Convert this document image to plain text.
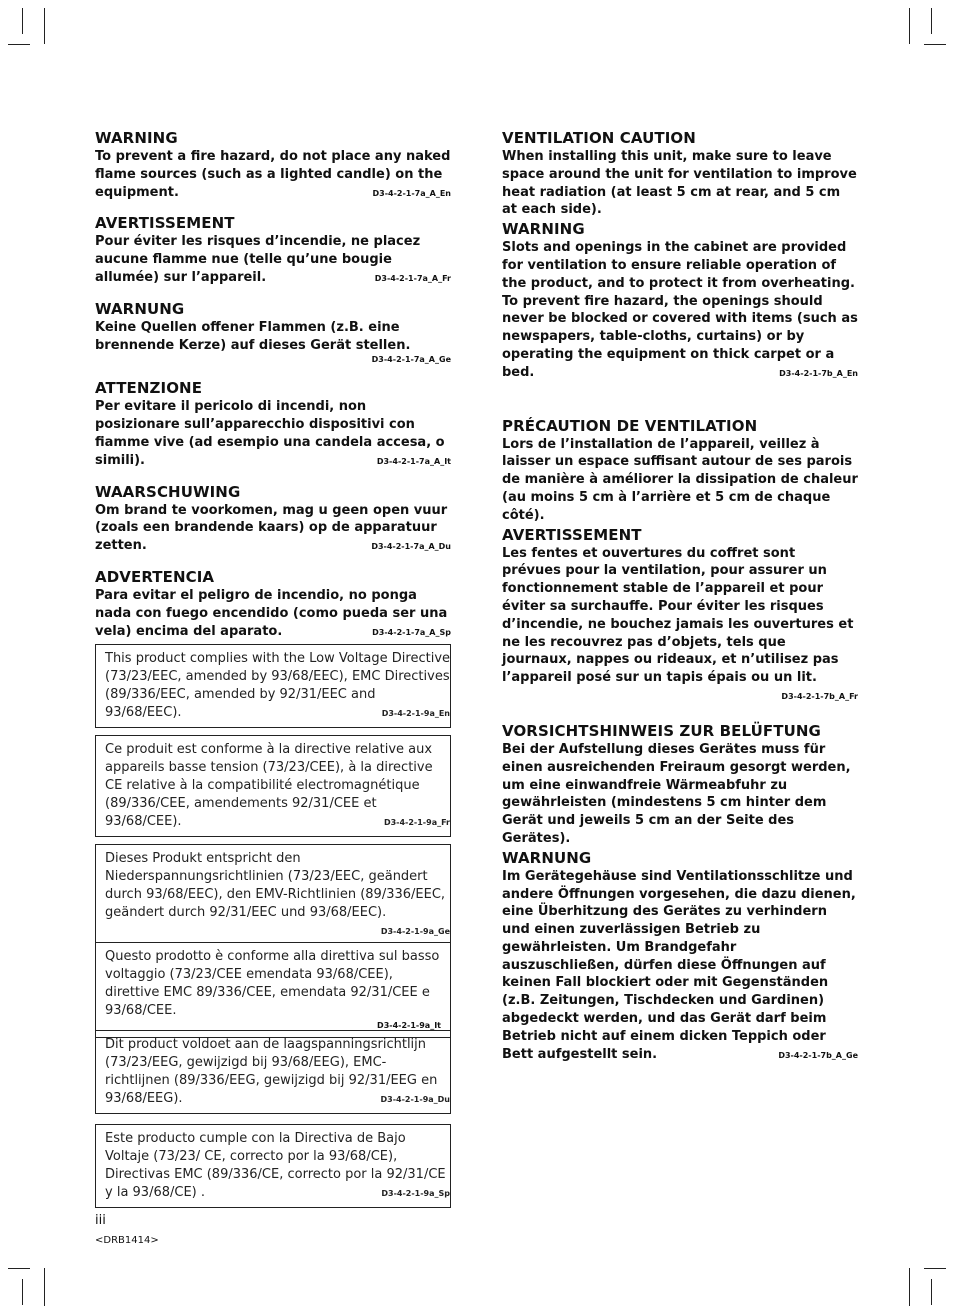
WARNING

To prevent a fire hazard, do not place any naked flame sources (such as a lighted candle) on the equipment.	D3-4-2-1-7a_A_En

AVERTISSEMENT

Pour éviter les risques d’incendie, ne placez aucune flamme nue (telle qu’une bougie allumée) sur l’appareil.	D3-4-2-1-7a_A_Fr

WARNUNG

Keine Quellen offener Flammen (z.B. eine brennende Kerze) auf dieses Gerät stellen.

D3-4-2-1-7a_A_Ge
ATTENZIONE

Per evitare il pericolo di incendi, non posizionare sull’apparecchio dispositivi con fiamme vive (ad esempio una candela accesa, o simili).	D3-4-2-1-7a_A_It

WAARSCHUWING

Om brand te voorkomen, mag u geen open vuur (zoals een brandende kaars) op de apparatuur zetten.	D3-4-2-1-7a_A_Du

ADVERTENCIA

Para evitar el peligro de incendio, no ponga nada con fuego encendido (como pueda ser una vela) encima del aparato.	D3-4-2-1-7a_A_Sp

This product complies with the Low Voltage Directive (73/23/EEC, amended by 93/68/EEC), EMC Directives (89/336/EEC, amended by 92/31/EEC and 93/68/EEC).	D3-4-2-1-9a_En

Ce produit est conforme à la directive relative aux appareils basse tension (73/23/CEE), à la directive CE relative à la compatibilité electromagnétique (89/336/CEE, amendements 92/31/CEE et 93/68/CEE).	D3-4-2-1-9a_Fr

Dieses Produkt entspricht den Niederspannungsrichtlinien (73/23/EEC, geändert durch 93/68/EEC), den EMV-Richtlinien (89/336/EEC, geändert durch 92/31/EEC und 93/68/EEC).
D3-4-2-1-9a_Ge

Questo prodotto è conforme alla direttiva sul basso voltaggio (73/23/CEE emendata 93/68/CEE), direttive EMC 89/336/CEE, emendata 92/31/CEE e 93/68/CEE.

D3-4-2-1-9a_It

Dit product voldoet aan de laagspanningsrichtlijn (73/23/EEG, gewijzigd bij 93/68/EEG), EMC-richtlijnen (89/336/EEG, gewijzigd bij 92/31/EEG en 93/68/EEG).	D3-4-2-1-9a_Du

Este producto cumple con la Directiva de Bajo Voltaje (73/23/ CE, correcto por la 93/68/CE), Directivas EMC (89/336/CE, correcto por la 92/31/CE y la 93/68/CE) .	D3-4-2-1-9a_Sp

VENTILATION CAUTION

When installing this unit, make sure to leave space around the unit for ventilation to improve heat radiation (at least 5 cm at rear, and 5 cm at each side).

WARNING

Slots and openings in the cabinet are provided for ventilation to ensure reliable operation of the product, and to protect it from overheating. To prevent fire hazard, the openings should never be blocked or covered with items (such as newspapers, table-cloths, curtains) or by operating the equipment on thick carpet or a bed.	D3-4-2-1-7b_A_En

PRÉCAUTION DE VENTILATION

Lors de l’installation de l’appareil, veillez à laisser un espace suffisant autour de ses parois de manière à améliorer la dissipation de chaleur (au moins 5 cm à l’arrière et 5 cm de chaque côté).

AVERTISSEMENT

Les fentes et ouvertures du coffret sont prévues pour la ventilation, pour assurer un fonctionnement stable de l’appareil et pour éviter sa surchauffe. Pour éviter les risques d’incendie, ne bouchez jamais les ouvertures et ne les recouvrez pas d’objets, tels que journaux, nappes ou rideaux, et n’utilisez pas l’appareil posé sur un tapis épais ou un lit.
D3-4-2-1-7b_A_Fr

VORSICHTSHINWEIS ZUR BELÜFTUNG

Bei der Aufstellung dieses Gerätes muss für einen ausreichenden Freiraum gesorgt werden, um eine einwandfreie Wärmeabfuhr zu gewährleisten (mindestens 5 cm hinter dem Gerät und jeweils 5 cm an der Seite des Gerätes).

WARNUNG

Im Gerätegehäuse sind Ventilationsschlitze und andere Öffnungen vorgesehen, die dazu dienen, eine Überhitzung des Gerätes zu verhindern und einen zuverlässigen Betrieb zu gewährleisten. Um Brandgefahr auszuschließen, dürfen diese Öffnungen auf keinen Fall blockiert oder mit Gegenständen (z.B. Zeitungen, Tischdecken und Gardinen) abgedeckt werden, und das Gerät darf beim Betrieb nicht auf einem dicken Teppich oder Bett aufgestellt sein.	D3-4-2-1-7b_A_Ge

iii
<DRB1414>
